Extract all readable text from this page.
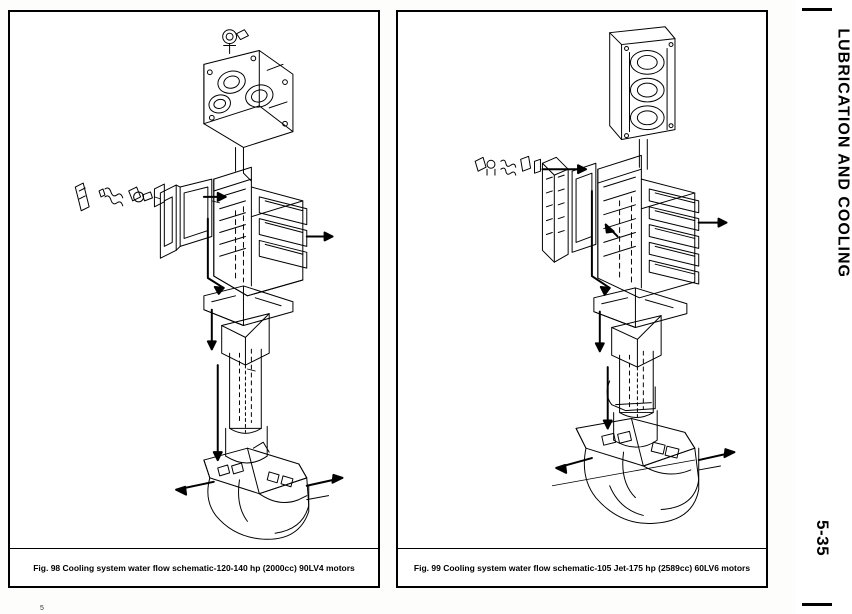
Fig. 98 Cooling system water flow schematic-120-140 hp (2000cc) 90LV4 motors	Fig. 99 Cooling system water flow schematic-105 Jet-175 hp (2589cc) 60LV6 motors
LUBRICATION AND COOLING
5-35
5
